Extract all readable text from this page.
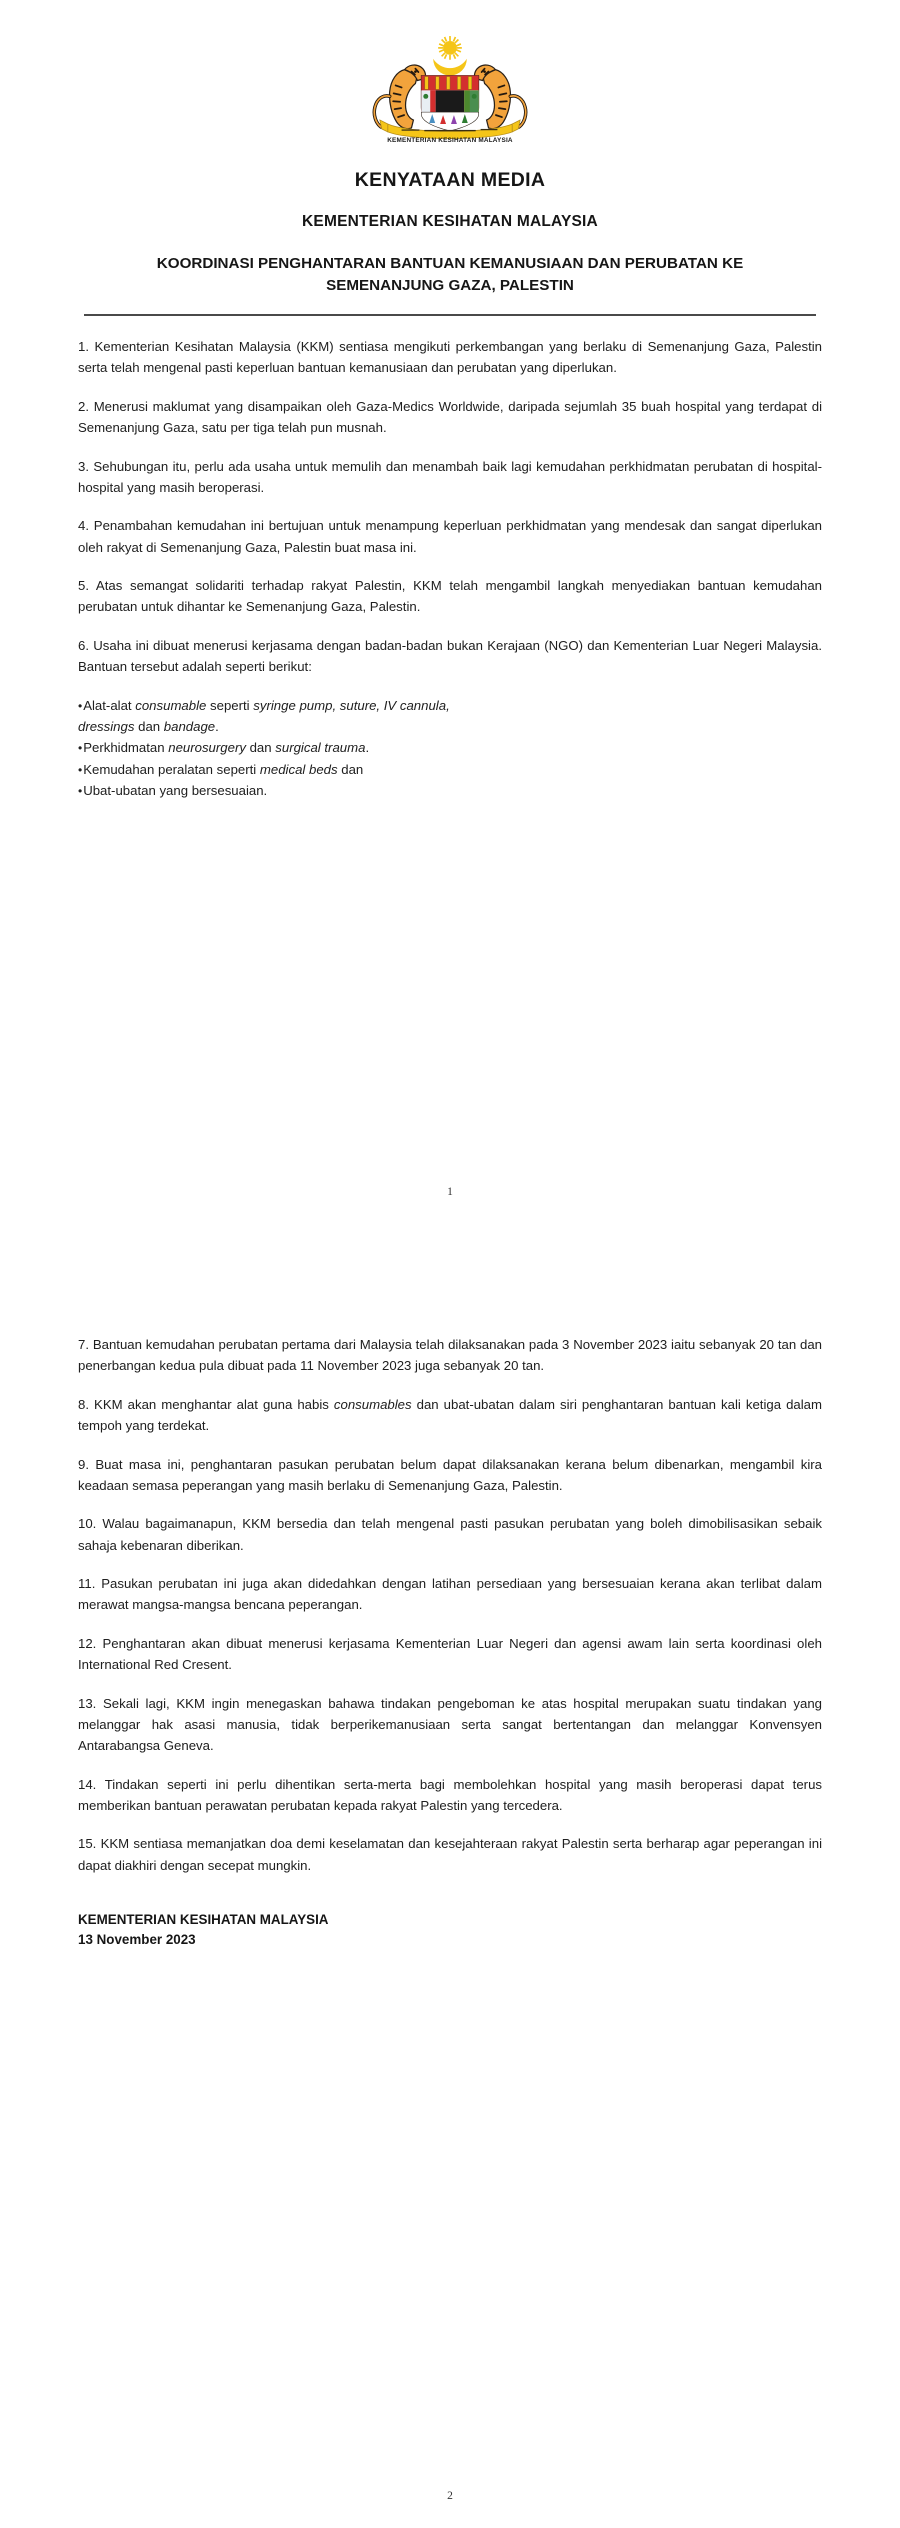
KEMENTERIAN KESIHATAN MALAYSIA
KENYATAAN MEDIA
KEMENTERIAN KESIHATAN MALAYSIA
KOORDINASI PENGHANTARAN BANTUAN KEMANUSIAAN DAN PERUBATAN KE SEMENANJUNG GAZA, PALESTIN

1. Kementerian Kesihatan Malaysia (KKM) sentiasa mengikuti perkembangan yang berlaku di Semenanjung Gaza, Palestin serta telah mengenal pasti keperluan bantuan kemanusiaan dan perubatan yang diperlukan.

2. Menerusi maklumat yang disampaikan oleh Gaza-Medics Worldwide, daripada sejumlah 35 buah hospital yang terdapat di Semenanjung Gaza, satu per tiga telah pun musnah.

3. Sehubungan itu, perlu ada usaha untuk memulih dan menambah baik lagi kemudahan perkhidmatan perubatan di hospital-hospital yang masih beroperasi.

4. Penambahan kemudahan ini bertujuan untuk menampung keperluan perkhidmatan yang mendesak dan sangat diperlukan oleh rakyat di Semenanjung Gaza, Palestin buat masa ini.

5. Atas semangat solidariti terhadap rakyat Palestin, KKM telah mengambil langkah menyediakan bantuan kemudahan perubatan untuk dihantar ke Semenanjung Gaza, Palestin.

6. Usaha ini dibuat menerusi kerjasama dengan badan-badan bukan Kerajaan (NGO) dan Kementerian Luar Negeri Malaysia. Bantuan tersebut adalah seperti berikut:

• Alat-alat consumable seperti syringe pump, suture, IV cannula,
dressings dan bandage.
• Perkhidmatan neurosurgery dan surgical trauma.
• Kemudahan peralatan seperti medical beds dan
• Ubat-ubatan yang bersesuaian.
1

7. Bantuan kemudahan perubatan pertama dari Malaysia telah dilaksanakan pada 3 November 2023 iaitu sebanyak 20 tan dan penerbangan kedua pula dibuat pada 11 November 2023 juga sebanyak 20 tan.

8. KKM akan menghantar alat guna habis consumables dan ubat-ubatan dalam siri penghantaran bantuan kali ketiga dalam tempoh yang terdekat.

9. Buat masa ini, penghantaran pasukan perubatan belum dapat dilaksanakan kerana belum dibenarkan, mengambil kira keadaan semasa peperangan yang masih berlaku di Semenanjung Gaza, Palestin.

10. Walau bagaimanapun, KKM bersedia dan telah mengenal pasti pasukan perubatan yang boleh dimobilisasikan sebaik sahaja kebenaran diberikan.

11. Pasukan perubatan ini juga akan didedahkan dengan latihan persediaan yang bersesuaian kerana akan terlibat dalam merawat mangsa-mangsa bencana peperangan.

12. Penghantaran akan dibuat menerusi kerjasama Kementerian Luar Negeri dan agensi awam lain serta koordinasi oleh International Red Cresent.

13. Sekali lagi, KKM ingin menegaskan bahawa tindakan pengeboman ke atas hospital merupakan suatu tindakan yang melanggar hak asasi manusia, tidak berperikemanusiaan serta sangat bertentangan dan melanggar Konvensyen Antarabangsa Geneva.

14. Tindakan seperti ini perlu dihentikan serta-merta bagi membolehkan hospital yang masih beroperasi dapat terus memberikan bantuan perawatan perubatan kepada rakyat Palestin yang tercedera.

15. KKM sentiasa memanjatkan doa demi keselamatan dan kesejahteraan rakyat Palestin serta berharap agar peperangan ini dapat diakhiri dengan secepat mungkin.

KEMENTERIAN KESIHATAN MALAYSIA
13 November 2023
2
